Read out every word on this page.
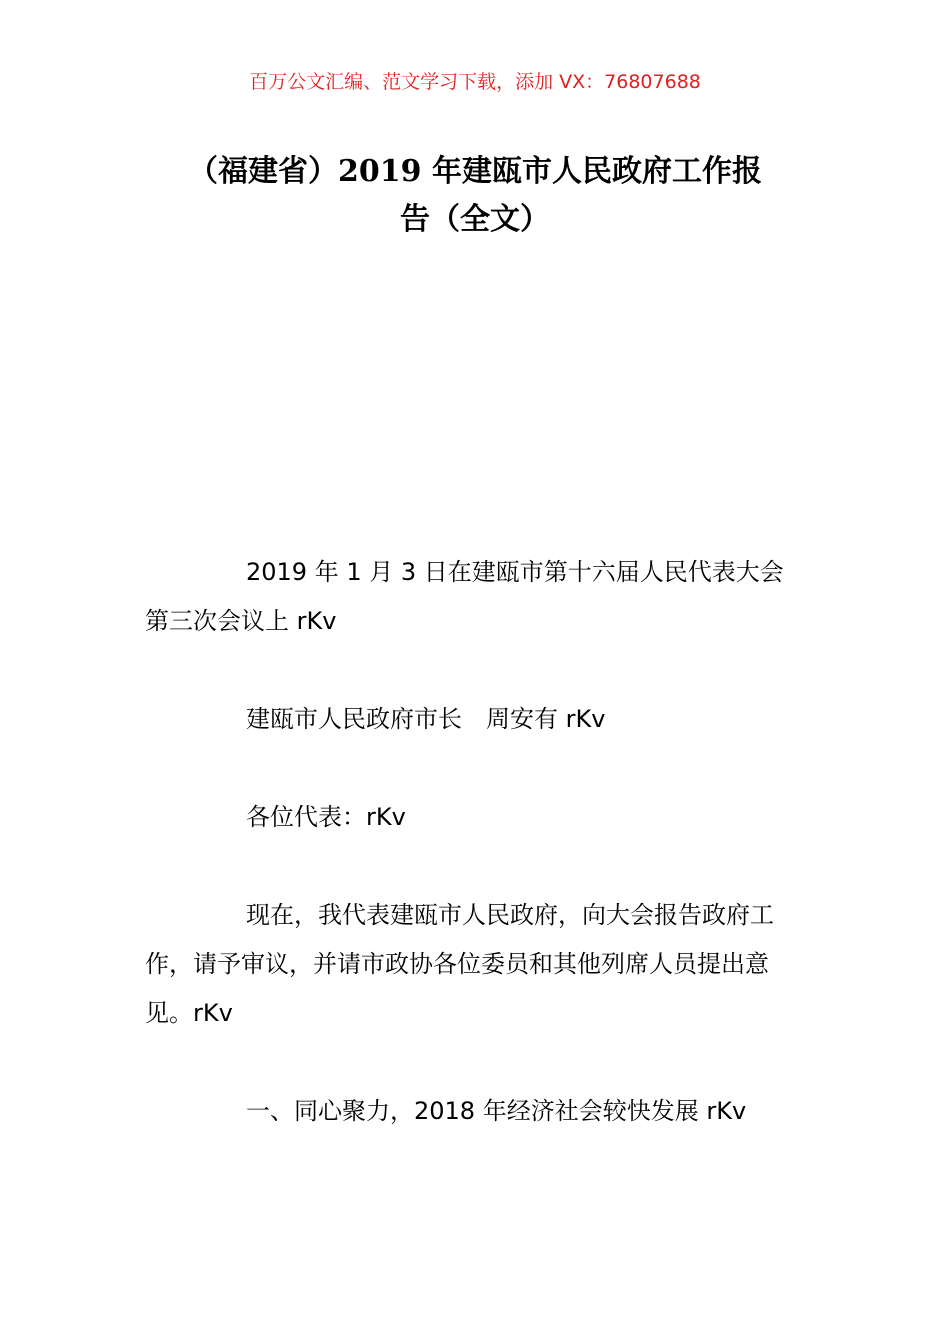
百万公文汇编、范文学习下载，添加 VX：76807688
（福建省）2019 年建瓯市人民政府工作报
告（全文）

2019 年 1 月 3 日在建瓯市第十六届人民代表大会第三次会议上 rKv

建瓯市人民政府市长　周安有 rKv

各位代表：rKv

现在，我代表建瓯市人民政府，向大会报告政府工作，请予审议，并请市政协各位委员和其他列席人员提出意见。rKv

一、同心聚力，2018 年经济社会较快发展 rKv
